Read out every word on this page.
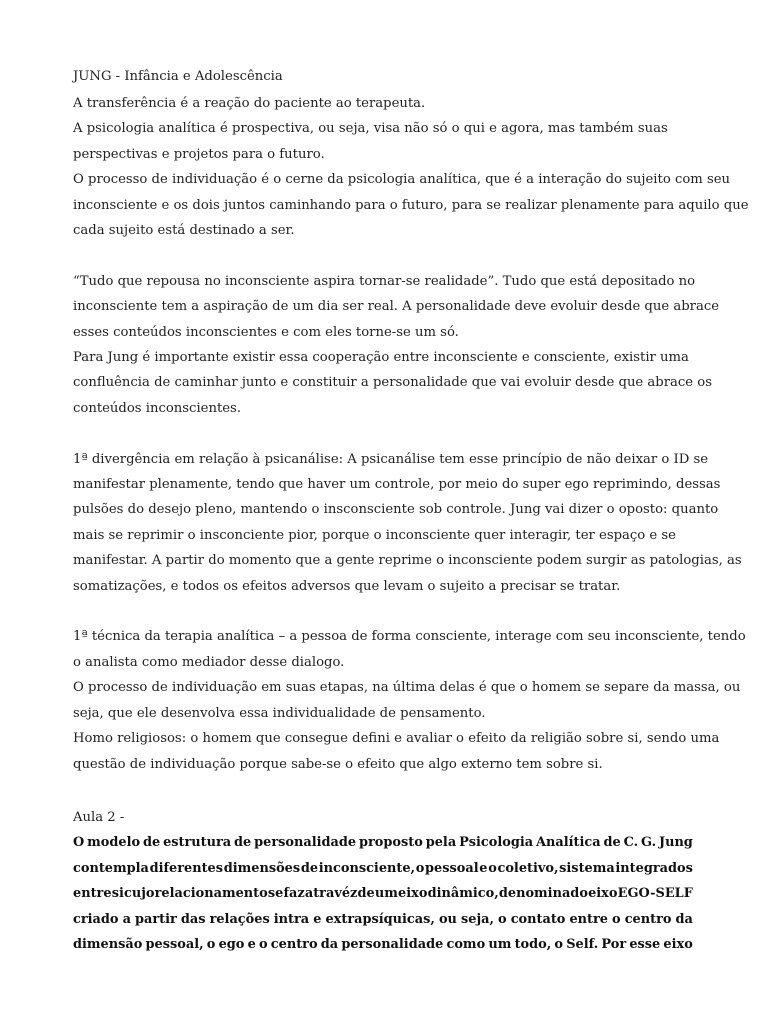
JUNG - Infância e Adolescência
A transferência é a reação do paciente ao terapeuta.
A psicologia analítica é prospectiva, ou seja, visa não só o qui e agora, mas também suas
perspectivas e projetos para o futuro.
O processo de individuação é o cerne da psicologia analítica, que é a interação do sujeito com seu
inconsciente e os dois juntos caminhando para o futuro, para se realizar plenamente para aquilo que
cada sujeito está destinado a ser.
“Tudo que repousa no inconsciente aspira tornar-se realidade”. Tudo que está depositado no
inconsciente tem a aspiração de um dia ser real. A personalidade deve evoluir desde que abrace
esses conteúdos inconscientes e com eles torne-se um só.
Para Jung é importante existir essa cooperação entre inconsciente e consciente, existir uma
confluência de caminhar junto e constituir a personalidade que vai evoluir desde que abrace os
conteúdos inconscientes.
1ª divergência em relação à psicanálise: A psicanálise tem esse princípio de não deixar o ID se
manifestar plenamente, tendo que haver um controle, por meio do super ego reprimindo, dessas
pulsões do desejo pleno, mantendo o insconsciente sob controle. Jung vai dizer o oposto: quanto
mais se reprimir o insconciente pior, porque o inconsciente quer interagir, ter espaço e se
manifestar. A partir do momento que a gente reprime o inconsciente podem surgir as patologias, as
somatizações, e todos os efeitos adversos que levam o sujeito a precisar se tratar.
1ª técnica da terapia analítica – a pessoa de forma consciente, interage com seu inconsciente, tendo
o analista como mediador desse dialogo.
O processo de individuação em suas etapas, na última delas é que o homem se separe da massa, ou
seja, que ele desenvolva essa individualidade de pensamento.
Homo religiosos: o homem que consegue defini e avaliar o efeito da religião sobre si, sendo uma
questão de individuação porque sabe-se o efeito que algo externo tem sobre si.
Aula 2 -
O modelo de estrutura de personalidade proposto pela Psicologia Analítica de C. G. Jung
contempla diferentes dimensões de inconsciente, o pessoal e o coletivo, sistema integrados
entre si cujo relacionamento se faz atravéz de um eixo dinâmico, denominado eixo EGO-SELF
criado a partir das relações intra e extrapsíquicas, ou seja, o contato entre o centro da
dimensão pessoal, o ego e o centro da personalidade como um todo, o Self. Por esse eixo
